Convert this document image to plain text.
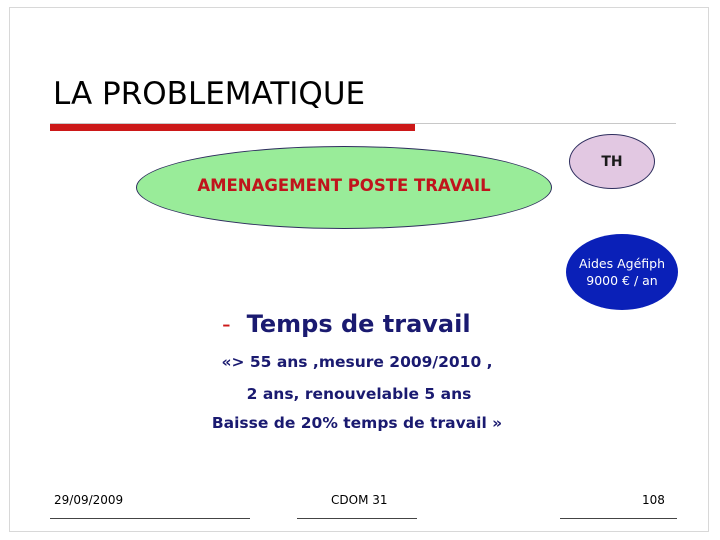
LA PROBLEMATIQUE
AMENAGEMENT POSTE TRAVAIL
TH
Aides Agéfiph
9000 € / an
- Temps de travail
«> 55 ans ,mesure 2009/2010 ,
2 ans, renouvelable 5 ans
Baisse de 20% temps de travail »
29/09/2009	CDOM 31	108
